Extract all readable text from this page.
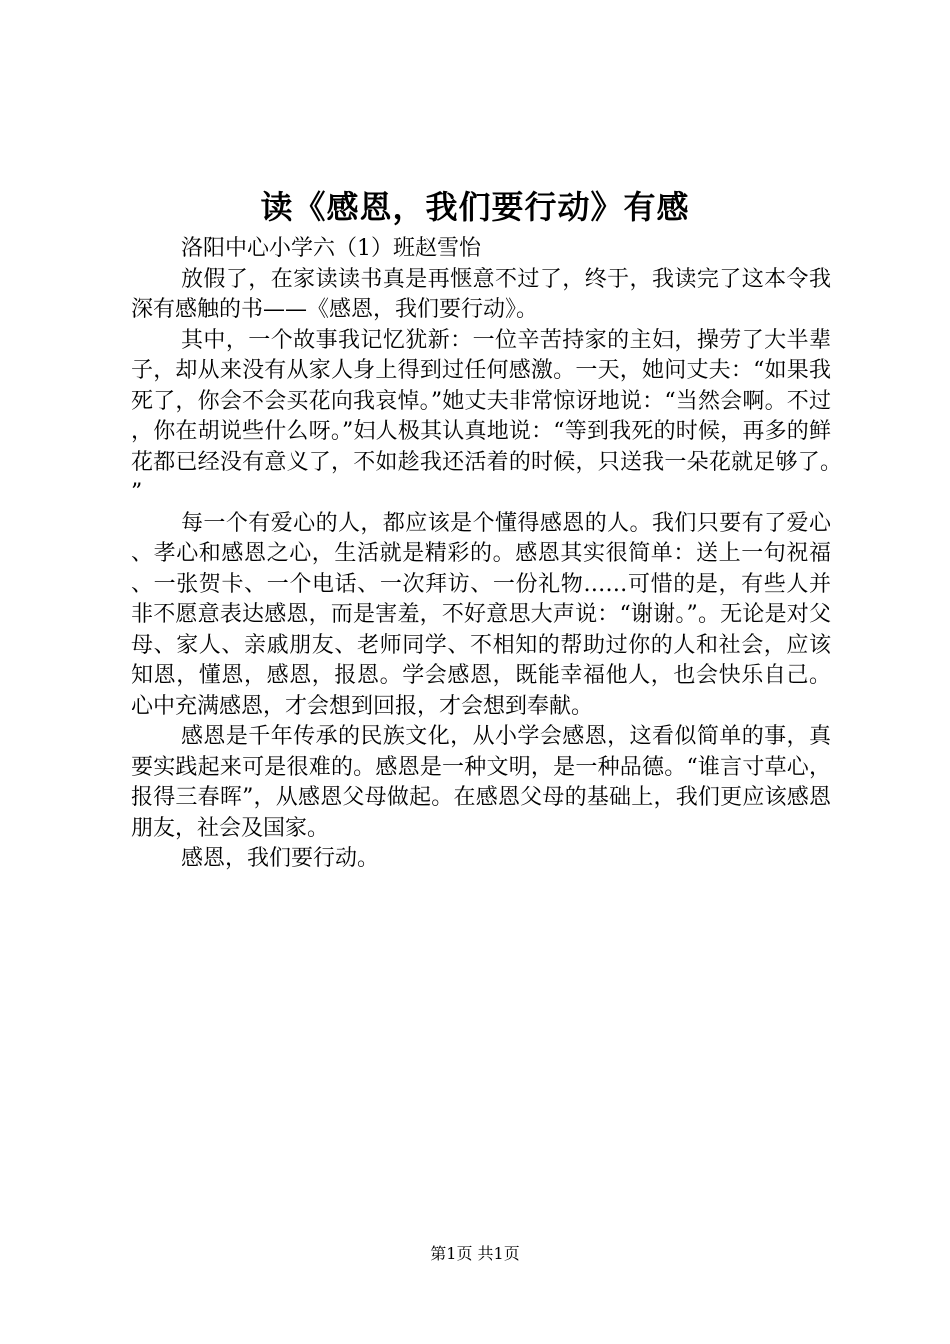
读《感恩，我们要行动》有感

洛阳中心小学六（1）班赵雪怡

放假了，在家读读书真是再惬意不过了，终于，我读完了这本令我深有感触的书——《感恩，我们要行动》。

其中，一个故事我记忆犹新：一位辛苦持家的主妇，操劳了大半辈子，却从来没有从家人身上得到过任何感激。一天，她问丈夫：“如果我死了，你会不会买花向我哀悼。”她丈夫非常惊讶地说：“当然会啊。不过，你在胡说些什么呀。”妇人极其认真地说：“等到我死的时候，再多的鲜花都已经没有意义了，不如趁我还活着的时候，只送我一朵花就足够了。”

每一个有爱心的人，都应该是个懂得感恩的人。我们只要有了爱心、孝心和感恩之心，生活就是精彩的。感恩其实很简单：送上一句祝福、一张贺卡、一个电话、一次拜访、一份礼物……可惜的是，有些人并非不愿意表达感恩，而是害羞，不好意思大声说：“谢谢。”。无论是对父母、家人、亲戚朋友、老师同学、不相知的帮助过你的人和社会，应该知恩，懂恩，感恩，报恩。学会感恩，既能幸福他人，也会快乐自己。心中充满感恩，才会想到回报，才会想到奉献。

感恩是千年传承的民族文化，从小学会感恩，这看似简单的事，真要实践起来可是很难的。感恩是一种文明，是一种品德。“谁言寸草心，报得三春晖”，从感恩父母做起。在感恩父母的基础上，我们更应该感恩朋友，社会及国家。

感恩，我们要行动。

第1页 共1页
